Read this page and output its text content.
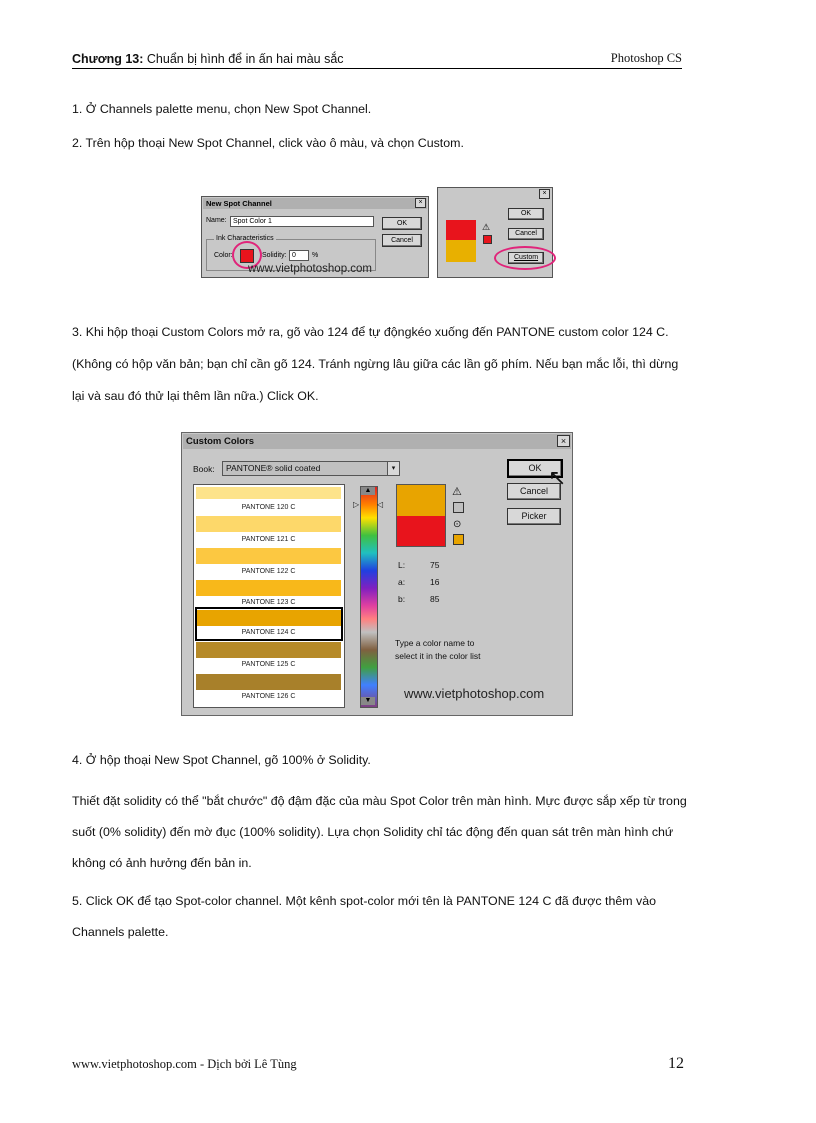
Chương 13: Chuẩn bị hình để in ấn hai màu sắc	Photoshop CS
1. Ở Channels palette menu, chọn New Spot Channel.
2. Trên hộp thoại New Spot Channel, click vào ô màu, và chọn Custom.
New Spot Channel	×
Name: Spot Color 1	OK
Cancel
Ink Characteristics
Color:	Solidity: 0	%
www.vietphotoshop.com
×
⚠
OK
Cancel
Custom
3. Khi hộp thoại Custom Colors mở ra, gõ vào 124 để tự độngkéo xuống đến PANTONE custom color 124 C. (Không có hộp văn bản; bạn chỉ cần gõ 124. Tránh ngừng lâu giữa các lần gõ phím. Nếu bạn mắc lỗi, thì dừng lại và sau đó thử lại thêm lần nữa.) Click OK.
Custom Colors	×
Book: PANTONE® solid coated	▾	OK
Cancel
Picker
↖
PANTONE 120 C
PANTONE 121 C
PANTONE 122 C
PANTONE 123 C
PANTONE 124 C
PANTONE 125 C
PANTONE 126 C
▲
▼
▷ ◁
⚠
⊙
L:	75
a:	16
b:	85
Type a color name to select it in the color list
www.vietphotoshop.com
4. Ở hộp thoại New Spot Channel, gõ 100% ở Solidity.
Thiết đặt solidity có thể "bắt chước" độ đậm đặc của màu Spot Color trên màn hình. Mực được sắp xếp từ trong suốt (0% solidity) đến mờ đục (100% solidity). Lựa chọn Solidity chỉ tác động đến quan sát trên màn hình chứ không có ảnh hưởng đến bản in.
5. Click OK để tạo Spot-color channel. Một kênh spot-color mới tên là PANTONE 124 C đã được thêm vào Channels palette.
www.vietphotoshop.com - Dịch bởi Lê Tùng	12
